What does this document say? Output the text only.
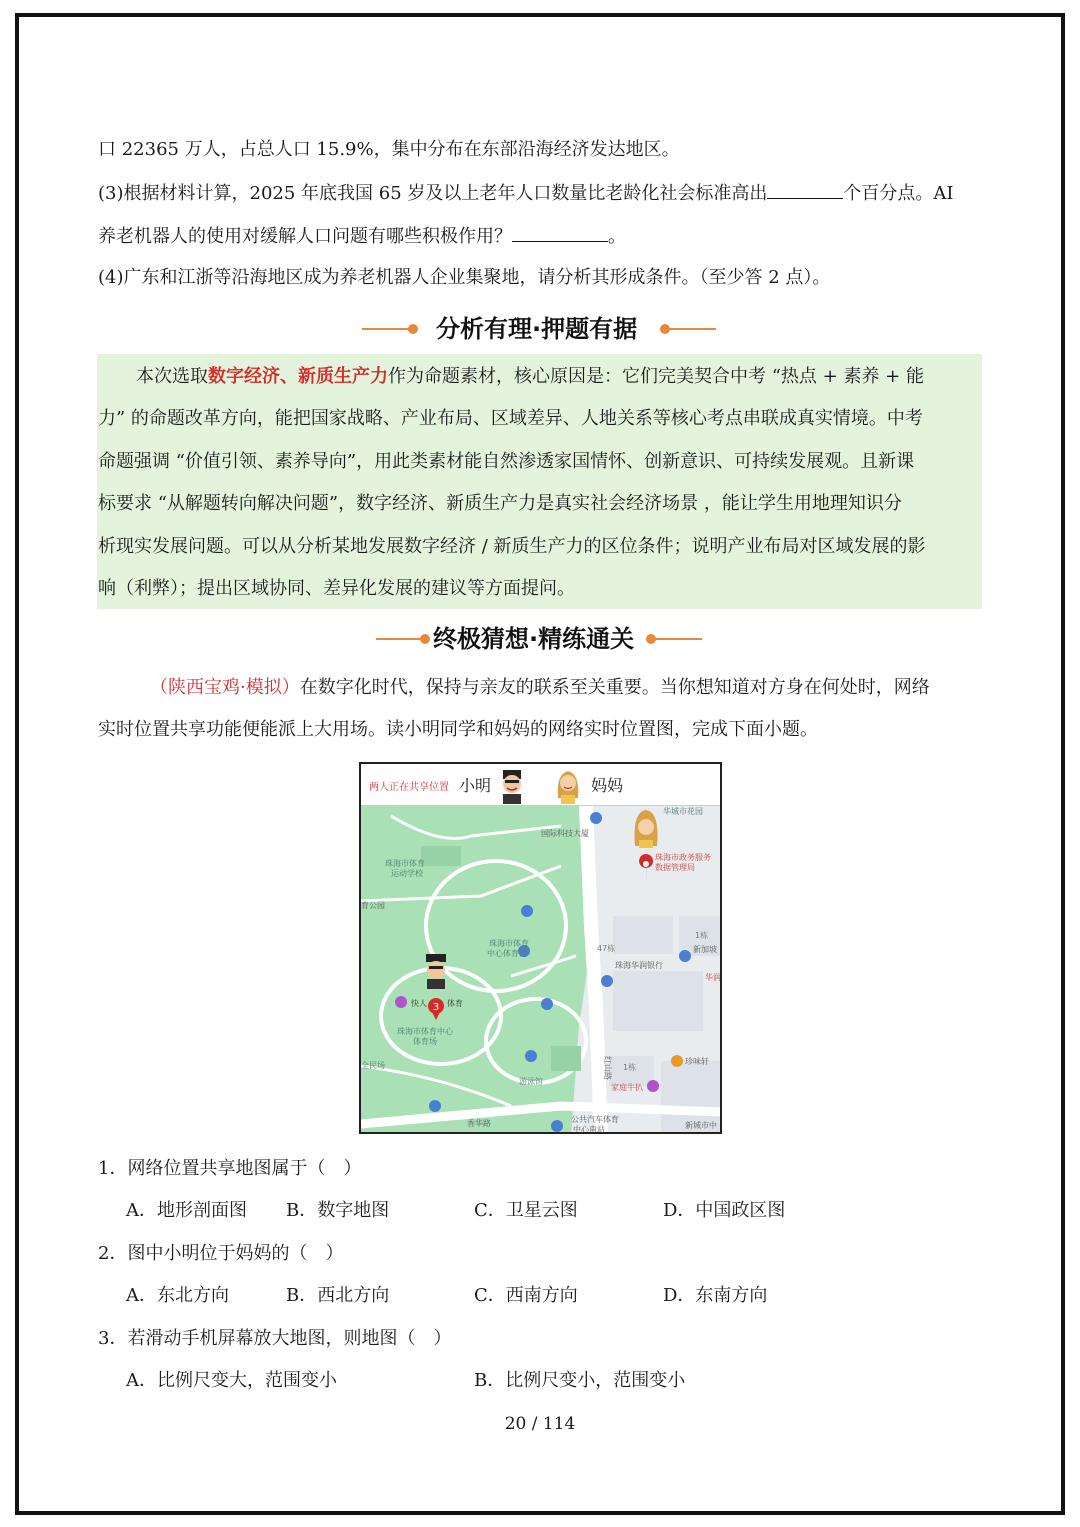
口 22365 万人，占总人口 15.9%，集中分布在东部沿海经济发达地区。
(3)根据材料计算，2025 年底我国 65 岁及以上老年人口数量比老龄化社会标准高出	个百分点。AI
养老机器人的使用对缓解人口问题有哪些积极作用？	。
(4)广东和江浙等沿海地区成为养老机器人企业集聚地，请分析其形成条件。（至少答 2 点）。
分析有理·押题有据
本次选取数字经济、新质生产力作为命题素材，核心原因是：它们完美契合中考 “热点 + 素养 + 能
力” 的命题改革方向，能把国家战略、产业布局、区域差异、人地关系等核心考点串联成真实情境。中考
命题强调 “价值引领、素养导向”，用此类素材能自然渗透家国情怀、创新意识、可持续发展观。且新课
标要求 “从解题转向解决问题”，数字经济、新质生产力是真实社会经济场景 ，能让学生用地理知识分
析现实发展问题。可以从分析某地发展数字经济 / 新质生产力的区位条件；说明产业布局对区域发展的影
响（利弊）；提出区域协同、差异化发展的建议等方面提问。
终极猜想·精练通关
（陕西宝鸡·模拟）在数字化时代，保持与亲友的联系至关重要。当你想知道对方身在何处时，网络
实时位置共享功能便能派上大用场。读小明同学和妈妈的网络实时位置图，完成下面小题。
两人正在共享位置 小明	妈妈
3
华城市花园
国际科技大厦
珠海市政务服务
数据管理局
珠海市体育
运动学校
育公园
珠海市体育
中心体育馆
珠海华润银行
新加坡
华润
珠海市体育中心
体育场
快人	体育
红山路
游泳馆
全民场
家庭牛扒
珍味轩
香华路	公共汽车体育
中心南站	新城市中
47栋
1栋
1栋
1．网络位置共享地图属于（　）
A．地形剖面图 B．数字地图	C．卫星云图	D．中国政区图
2．图中小明位于妈妈的（　）
A．东北方向	B．西北方向	C．西南方向	D．东南方向
3．若滑动手机屏幕放大地图，则地图（　）
A．比例尺变大，范围变小	B．比例尺变小，范围变小
20 / 114
